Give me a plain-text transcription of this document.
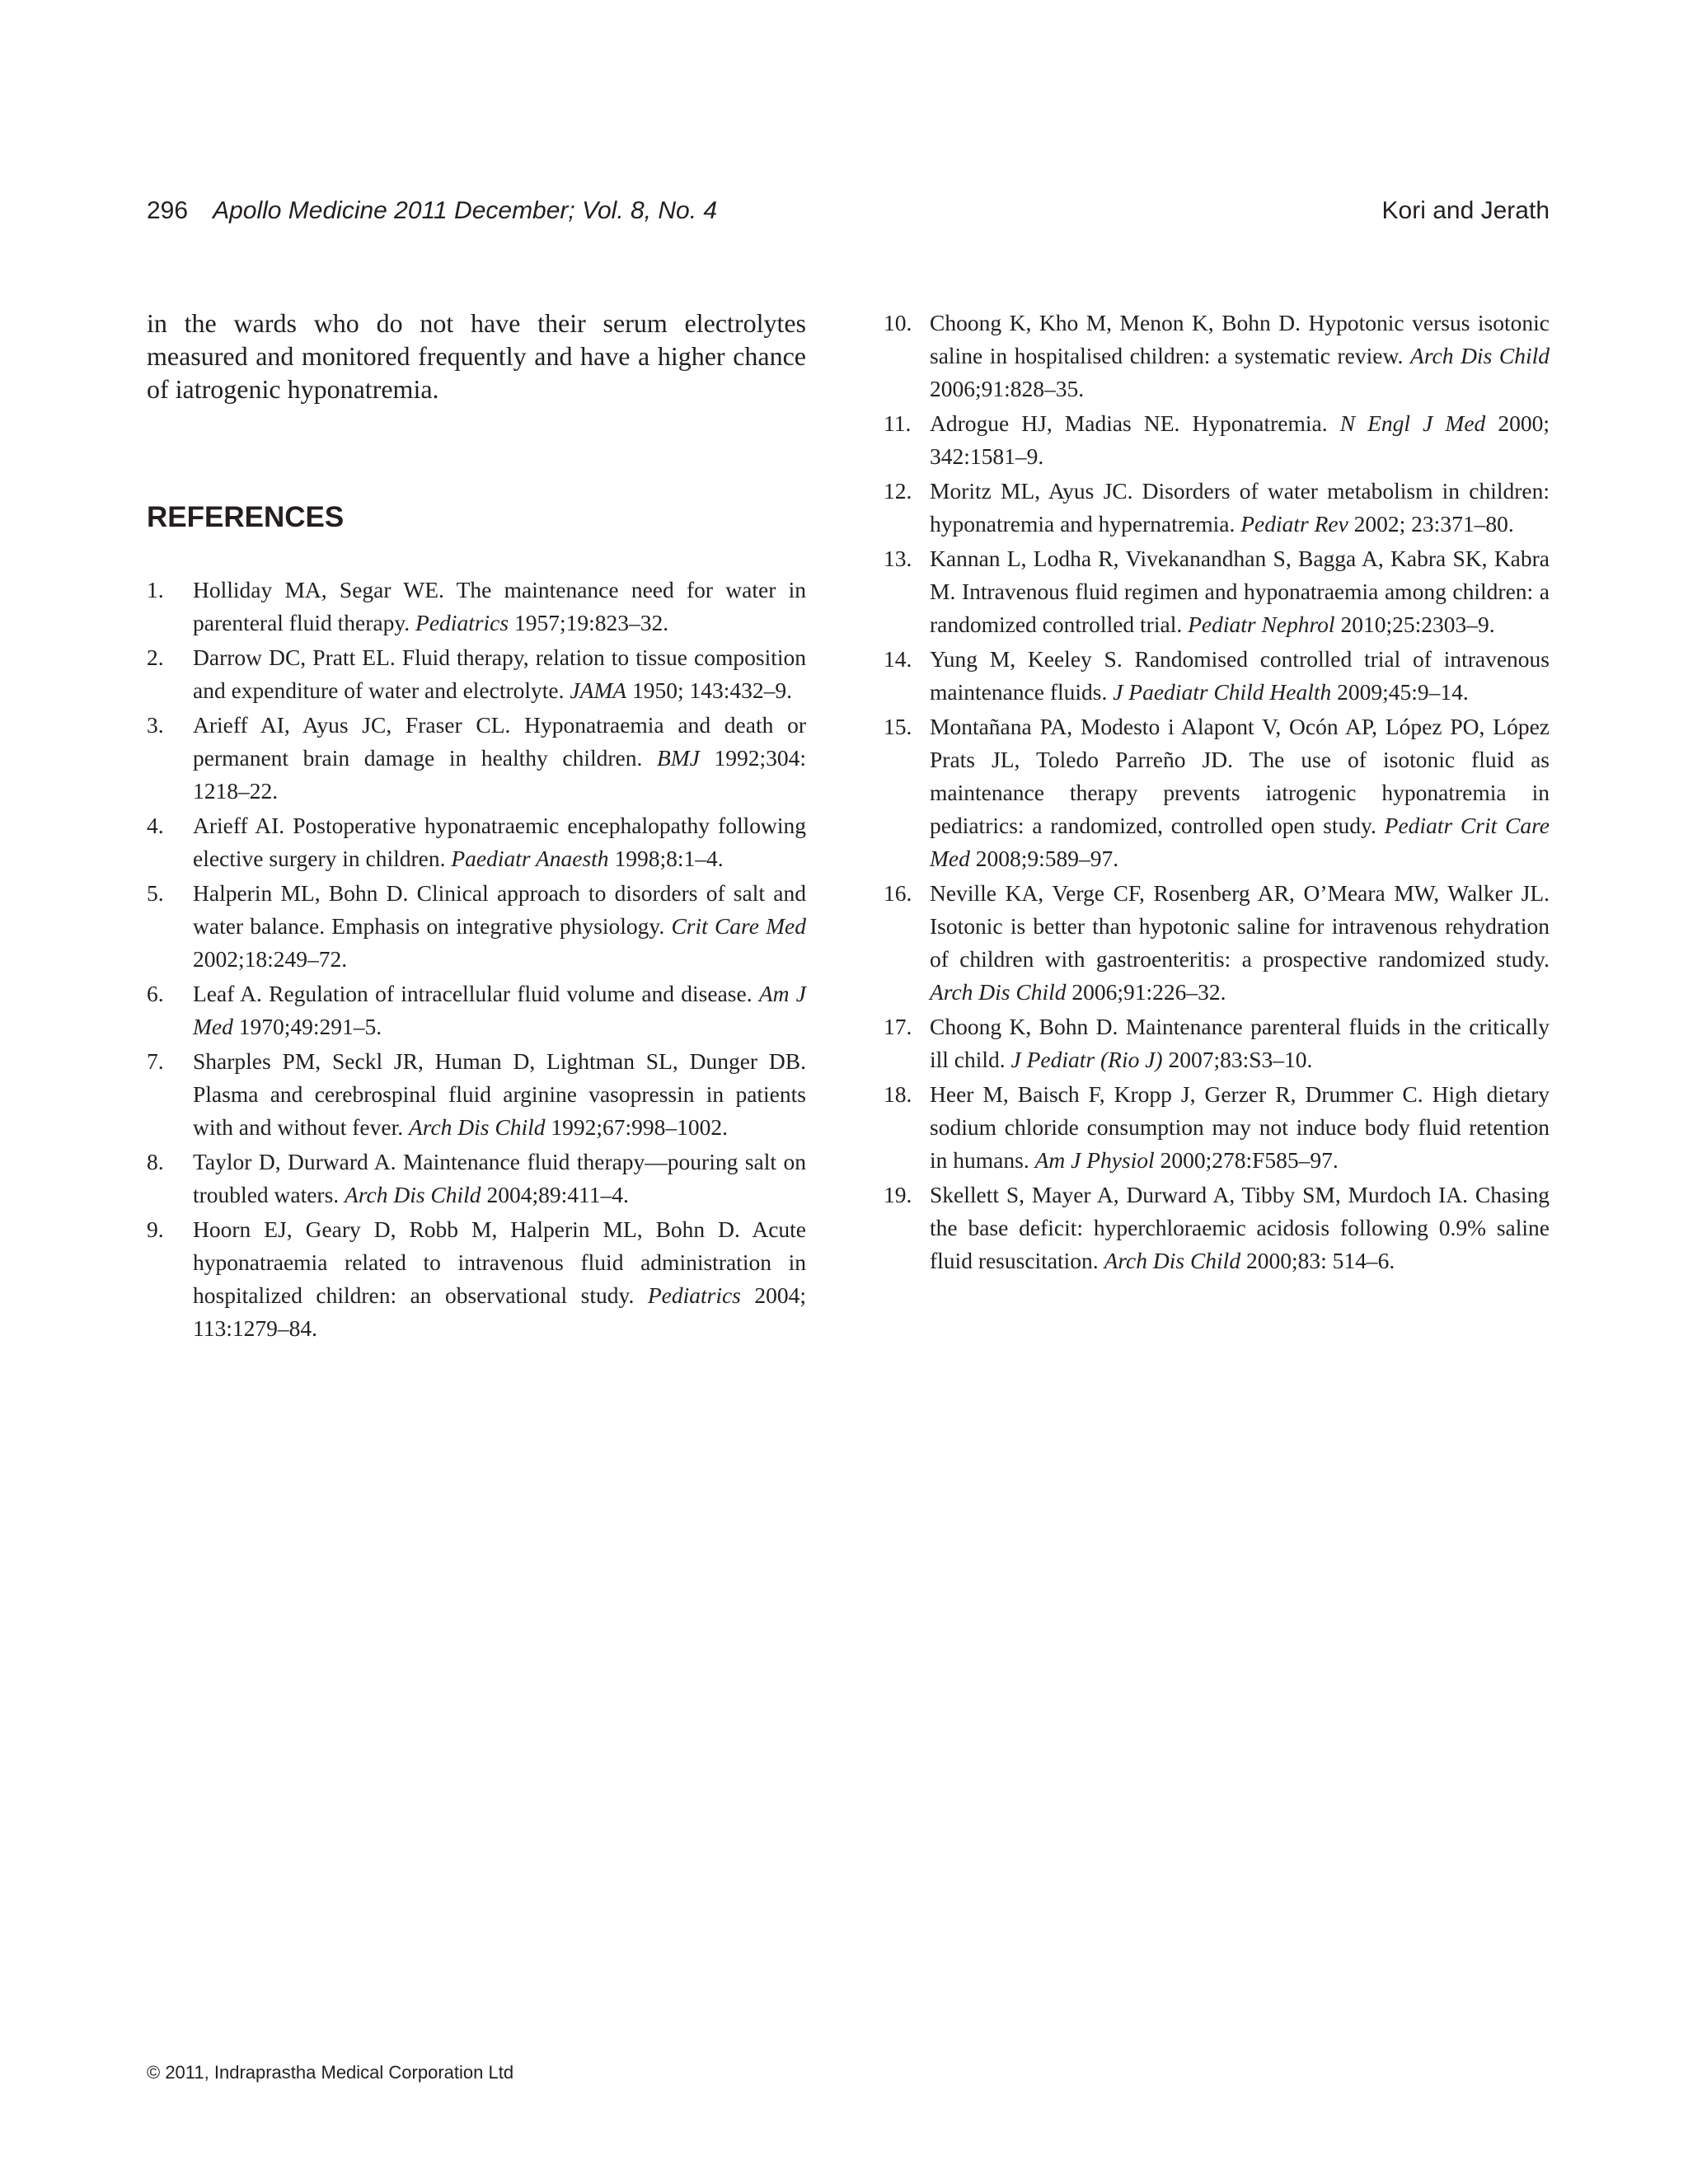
296 Apollo Medicine 2011 December; Vol. 8, No. 4	Kori and Jerath

in the wards who do not have their serum electrolytes measured and monitored frequently and have a higher chance of iatrogenic hyponatremia.

REFERENCES
1. Holliday MA, Segar WE. The maintenance need for water in parenteral fluid therapy. Pediatrics 1957;19:823–32.
2. Darrow DC, Pratt EL. Fluid therapy, relation to tissue composition and expenditure of water and electrolyte. JAMA 1950; 143:432–9.
3. Arieff AI, Ayus JC, Fraser CL. Hyponatraemia and death or permanent brain damage in healthy children. BMJ 1992;304: 1218–22.
4. Arieff AI. Postoperative hyponatraemic encephalopathy following elective surgery in children. Paediatr Anaesth 1998;8:1–4.
5. Halperin ML, Bohn D. Clinical approach to disorders of salt and water balance. Emphasis on integrative physiology. Crit Care Med 2002;18:249–72.
6. Leaf A. Regulation of intracellular fluid volume and disease. Am J Med 1970;49:291–5.
7. Sharples PM, Seckl JR, Human D, Lightman SL, Dunger DB. Plasma and cerebrospinal fluid arginine vasopressin in patients with and without fever. Arch Dis Child 1992;67:998–1002.
8. Taylor D, Durward A. Maintenance fluid therapy—pouring salt on troubled waters. Arch Dis Child 2004;89:411–4.
9. Hoorn EJ, Geary D, Robb M, Halperin ML, Bohn D. Acute hyponatraemia related to intravenous fluid administration in hospitalized children: an observational study. Pediatrics 2004; 113:1279–84.
10. Choong K, Kho M, Menon K, Bohn D. Hypotonic versus isotonic saline in hospitalised children: a systematic review. Arch Dis Child 2006;91:828–35.
11. Adrogue HJ, Madias NE. Hyponatremia. N Engl J Med 2000; 342:1581–9.
12. Moritz ML, Ayus JC. Disorders of water metabolism in children: hyponatremia and hypernatremia. Pediatr Rev 2002; 23:371–80.
13. Kannan L, Lodha R, Vivekanandhan S, Bagga A, Kabra SK, Kabra M. Intravenous fluid regimen and hyponatraemia among children: a randomized controlled trial. Pediatr Nephrol 2010;25:2303–9.
14. Yung M, Keeley S. Randomised controlled trial of intravenous maintenance fluids. J Paediatr Child Health 2009;45:9–14.
15. Montañana PA, Modesto i Alapont V, Ocón AP, López PO, López Prats JL, Toledo Parreño JD. The use of isotonic fluid as maintenance therapy prevents iatrogenic hyponatremia in pediatrics: a randomized, controlled open study. Pediatr Crit Care Med 2008;9:589–97.
16. Neville KA, Verge CF, Rosenberg AR, O’Meara MW, Walker JL. Isotonic is better than hypotonic saline for intravenous rehydration of children with gastroenteritis: a prospective randomized study. Arch Dis Child 2006;91:226–32.
17. Choong K, Bohn D. Maintenance parenteral fluids in the critically ill child. J Pediatr (Rio J) 2007;83:S3–10.
18. Heer M, Baisch F, Kropp J, Gerzer R, Drummer C. High dietary sodium chloride consumption may not induce body fluid retention in humans. Am J Physiol 2000;278:F585–97.
19. Skellett S, Mayer A, Durward A, Tibby SM, Murdoch IA. Chasing the base deficit: hyperchloraemic acidosis following 0.9% saline fluid resuscitation. Arch Dis Child 2000;83: 514–6.
© 2011, Indraprastha Medical Corporation Ltd
